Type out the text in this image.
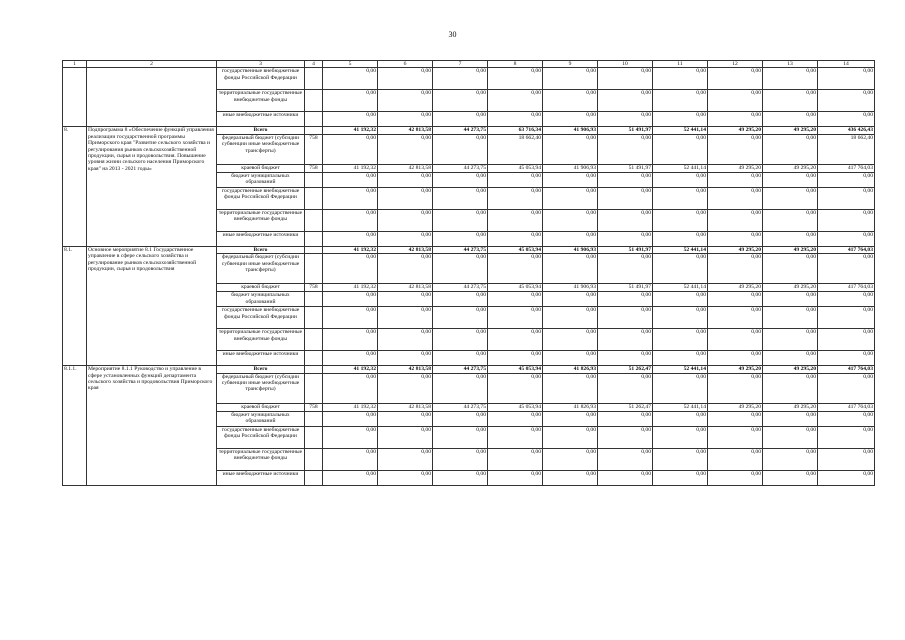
30
1	2	3	4	5	6	7	8	9	10	11	12	13	14
		государственные внебюджетные фонды Российской Федерации		0,00	0,00	0,00	0,00	0,00	0,00	0,00	0,00	0,00	0,00
		территориальные государственные внебюджетные фонды		0,00	0,00	0,00	0,00	0,00	0,00	0,00	0,00	0,00	0,00
		иные внебюджетные источники		0,00	0,00	0,00	0,00	0,00	0,00	0,00	0,00	0,00	0,00
8.	Подпрограмма 8 «Обеспечение функций управления реализации государственной программы Приморского края "Развитие сельского хозяйства и регулирования рынков сельскохозяйственной продукции, сырья и продовольствия. Повышение уровня жизни сельского населения Приморского края" на 2013 - 2021 годы»	Всего		41 192,32	42 813,58	44 273,75	63 716,34	41 906,93	51 491,97	52 441,14	49 295,20	49 295,20	436 426,43
		федеральный бюджет (субсидии субвенции иные межбюджетные трансферты)	758	0,00	0,00	0,00	18 662,40	0,00	0,00	0,00	0,00	0,00	18 662,40
		краевой бюджет	758	41 192,32	42 813,58	44 273,75	45 053,94	41 906,93	51 491,97	52 441,14	49 295,20	49 295,20	417 764,03
		бюджет муниципальных образований		0,00	0,00	0,00	0,00	0,00	0,00	0,00	0,00	0,00	0,00
		государственные внебюджетные фонды Российской Федерации		0,00	0,00	0,00	0,00	0,00	0,00	0,00	0,00	0,00	0,00
		территориальные государственные внебюджетные фонды		0,00	0,00	0,00	0,00	0,00	0,00	0,00	0,00	0,00	0,00
		иные внебюджетные источники		0,00	0,00	0,00	0,00	0,00	0,00	0,00	0,00	0,00	0,00
8.1.	Основное мероприятие 8.1 Государственное управление в сфере сельского хозяйства и регулирование рынков сельскохозяйственной продукции, сырья и продовольствия	Всего		41 192,32	42 813,58	44 273,75	45 053,94	41 906,93	51 491,97	52 441,14	49 295,20	49 295,20	417 764,03
		федеральный бюджет (субсидии субвенции иные межбюджетные трансферты)		0,00	0,00	0,00	0,00	0,00	0,00	0,00	0,00	0,00	0,00
		краевой бюджет	758	41 192,32	42 813,58	44 273,75	45 053,94	41 906,93	51 491,97	52 441,14	49 295,20	49 295,20	417 764,03
		бюджет муниципальных образований		0,00	0,00	0,00	0,00	0,00	0,00	0,00	0,00	0,00	0,00
		государственные внебюджетные фонды Российской Федерации		0,00	0,00	0,00	0,00	0,00	0,00	0,00	0,00	0,00	0,00
		территориальные государственные внебюджетные фонды		0,00	0,00	0,00	0,00	0,00	0,00	0,00	0,00	0,00	0,00
		иные внебюджетные источники		0,00	0,00	0,00	0,00	0,00	0,00	0,00	0,00	0,00	0,00
8.1.1.	Мероприятие 8.1.1 Руководство и управление в сфере установленных функций департамента сельского хозяйства и продовольствия Приморского края	Всего		41 192,32	42 813,58	44 273,75	45 053,94	41 826,93	51 262,47	52 441,14	49 295,20	49 295,20	417 764,03
		федеральный бюджет (субсидии субвенции иные межбюджетные трансферты)		0,00	0,00	0,00	0,00	0,00	0,00	0,00	0,00	0,00	0,00
		краевой бюджет	758	41 192,32	42 813,58	44 273,75	45 053,94	41 826,93	51 262,47	52 441,14	49 295,20	49 295,20	417 764,03
		бюджет муниципальных образований		0,00	0,00	0,00	0,00	0,00	0,00	0,00	0,00	0,00	0,00
		государственные внебюджетные фонды Российской Федерации		0,00	0,00	0,00	0,00	0,00	0,00	0,00	0,00	0,00	0,00
		территориальные государственные внебюджетные фонды		0,00	0,00	0,00	0,00	0,00	0,00	0,00	0,00	0,00	0,00
		иные внебюджетные источники		0,00	0,00	0,00	0,00	0,00	0,00	0,00	0,00	0,00	0,00
